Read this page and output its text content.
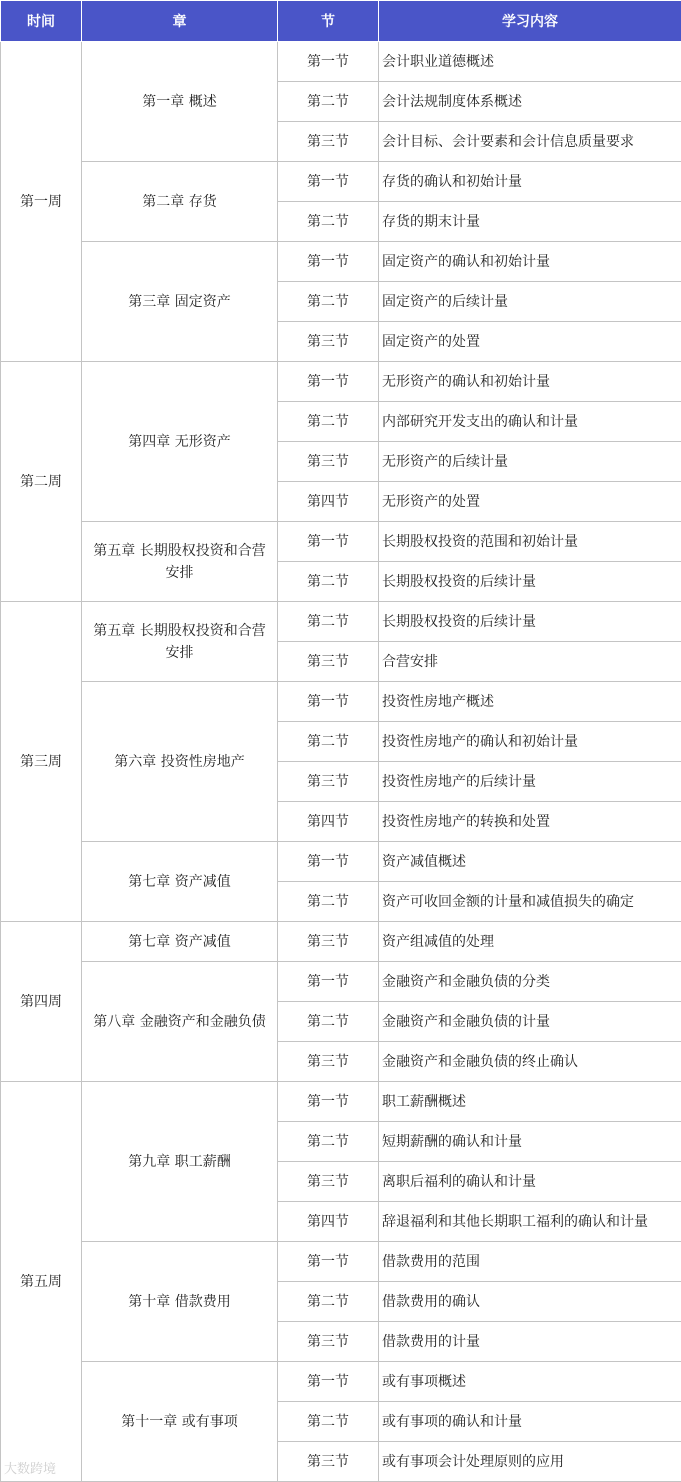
时间	章	节	学习内容
第一周	第一章 概述	第一节	会计职业道德概述
		第二节	会计法规制度体系概述
		第三节	会计目标、会计要素和会计信息质量要求
	第二章 存货	第一节	存货的确认和初始计量
		第二节	存货的期末计量
	第三章 固定资产	第一节	固定资产的确认和初始计量
		第二节	固定资产的后续计量
		第三节	固定资产的处置
第二周	第四章 无形资产	第一节	无形资产的确认和初始计量
		第二节	内部研究开发支出的确认和计量
		第三节	无形资产的后续计量
		第四节	无形资产的处置
	第五章 长期股权投资和合营安排	第一节	长期股权投资的范围和初始计量
		第二节	长期股权投资的后续计量
第三周	第五章 长期股权投资和合营安排	第二节	长期股权投资的后续计量
		第三节	合营安排
	第六章 投资性房地产	第一节	投资性房地产概述
		第二节	投资性房地产的确认和初始计量
		第三节	投资性房地产的后续计量
		第四节	投资性房地产的转换和处置
	第七章 资产减值	第一节	资产减值概述
		第二节	资产可收回金额的计量和减值损失的确定
第四周	第七章 资产减值	第三节	资产组减值的处理
	第八章 金融资产和金融负债	第一节	金融资产和金融负债的分类
		第二节	金融资产和金融负债的计量
		第三节	金融资产和金融负债的终止确认
第五周	第九章 职工薪酬	第一节	职工薪酬概述
		第二节	短期薪酬的确认和计量
		第三节	离职后福利的确认和计量
		第四节	辞退福利和其他长期职工福利的确认和计量
	第十章 借款费用	第一节	借款费用的范围
		第二节	借款费用的确认
		第三节	借款费用的计量
	第十一章 或有事项	第一节	或有事项概述
		第二节	或有事项的确认和计量
		第三节	或有事项会计处理原则的应用
大数跨境
